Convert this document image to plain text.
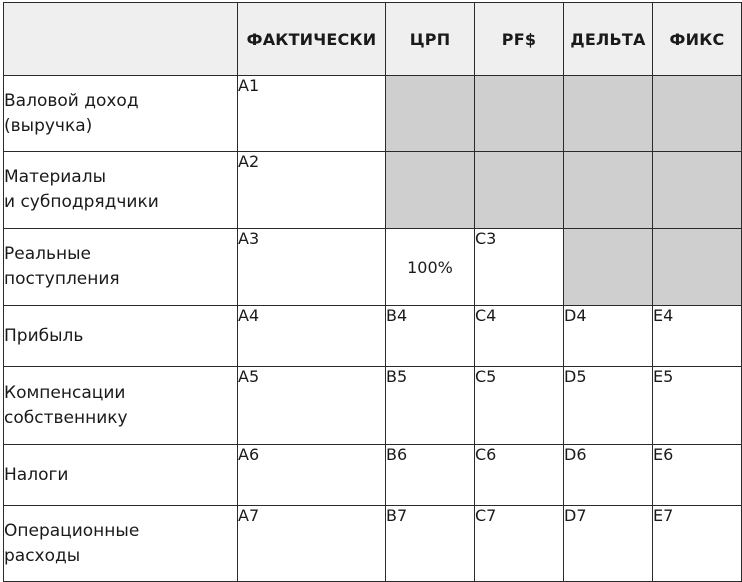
	ФАКТИЧЕСКИ	ЦРП	PF$	ДЕЛЬТА	ФИКС

Валовой доход
(выручка)	A1				

Материалы
и субподрядчики	A2				

Реальные
поступления	A3	100%	C3		

Прибыль	A4	B4	C4	D4	E4

Компенсации
собственнику	A5	B5	C5	D5	E5

Налоги	A6	B6	C6	D6	E6

Операционные
расходы	A7	B7	C7	D7	E7
